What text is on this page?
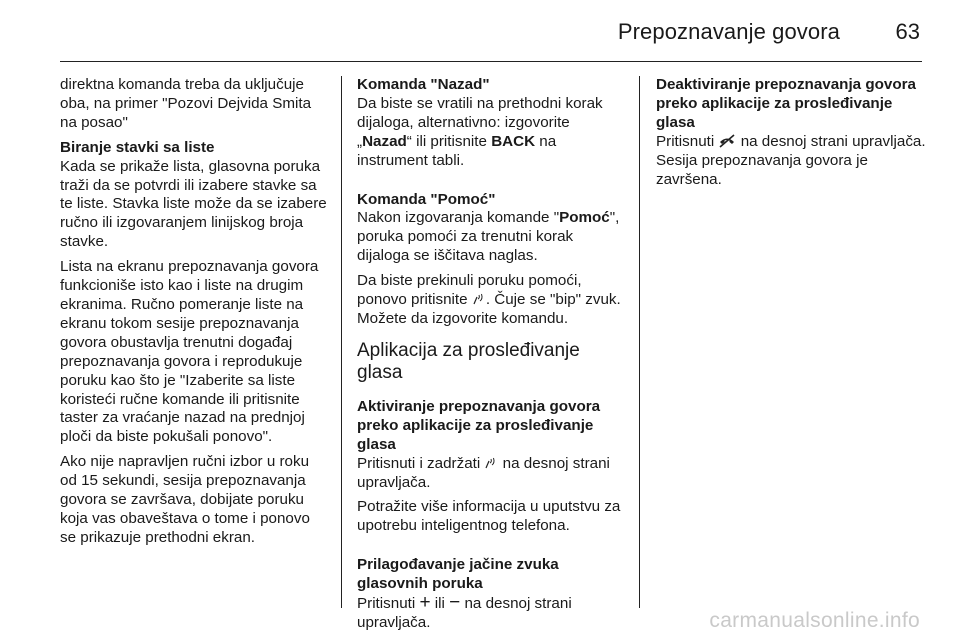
Prepoznavanje govora	63

direktna komanda treba da uključuje oba, na primer "Pozovi Dejvida Smita na posao"

Biranje stavki sa liste

Kada se prikaže lista, glasovna poruka traži da se potvrdi ili izabere stavke sa te liste. Stavka liste može da se izabere ručno ili izgovaranjem linijskog broja stavke.

Lista na ekranu prepoznavanja govora funkcioniše isto kao i liste na drugim ekranima. Ručno pomeranje liste na ekranu tokom sesije prepoznavanja govora obustavlja trenutni događaj prepoznavanja govora i reprodukuje poruku kao što je "Izaberite sa liste koristeći ručne komande ili pritisnite taster za vraćanje nazad na prednjoj ploči da biste pokušali ponovo".

Ako nije napravljen ručni izbor u roku od 15 sekundi, sesija prepoznavanja govora se završava, dobijate poruku koja vas obaveštava o tome i ponovo se prikazuje prethodni ekran.

Komanda "Nazad"

Da biste se vratili na prethodni korak dijaloga, alternativno: izgovorite „Nazad“ ili pritisnite BACK na instrument tabli.

Komanda "Pomoć"

Nakon izgovaranja komande "Pomoć", poruka pomoći za trenutni korak dijaloga se iščitava naglas.

Da biste prekinuli poruku pomoći, ponovo pritisnite . Čuje se "bip" zvuk. Možete da izgovorite komandu.

Aplikacija za prosleđivanje glasa
Aktiviranje prepoznavanja govora preko aplikacije za prosleđivanje glasa

Pritisnuti i zadržati  na desnoj strani upravljača.

Potražite više informacija u uputstvu za upotrebu inteligentnog telefona.

Prilagođavanje jačine zvuka glasovnih poruka

Pritisnuti + ili − na desnoj strani upravljača.

Deaktiviranje prepoznavanja govora preko aplikacije za prosleđivanje glasa

Pritisnuti  na desnoj strani upravljača. Sesija prepoznavanja govora je završena.

carmanualsonline.info
